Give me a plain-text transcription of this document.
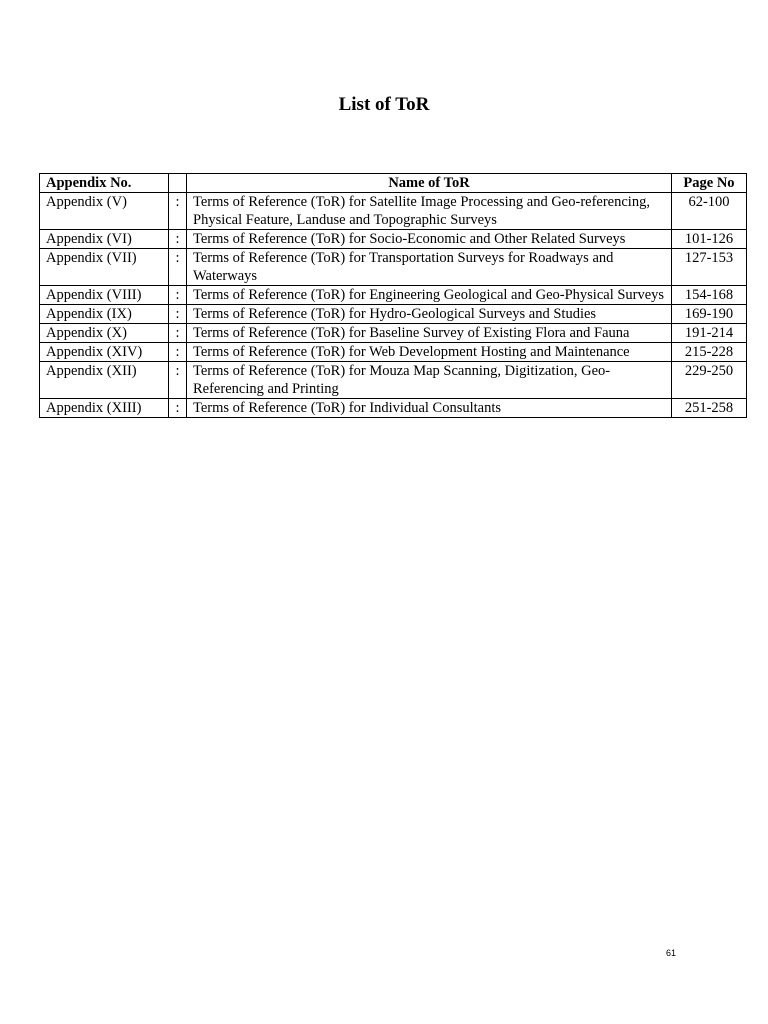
List of ToR
Appendix No.		Name of ToR	Page No
Appendix (V)	:	Terms of Reference (ToR) for Satellite Image Processing and Geo-referencing, Physical Feature, Landuse and Topographic Surveys	62-100
Appendix (VI)	:	Terms of Reference (ToR) for Socio-Economic and Other Related Surveys	101-126
Appendix (VII)	:	Terms of Reference (ToR) for Transportation Surveys for Roadways and Waterways	127-153
Appendix (VIII)	:	Terms of Reference (ToR) for Engineering Geological and Geo-Physical Surveys	154-168
Appendix (IX)	:	Terms of Reference (ToR) for Hydro-Geological Surveys and Studies	169-190
Appendix (X)	:	Terms of Reference (ToR) for Baseline Survey of Existing Flora and Fauna	191-214
Appendix (XIV)	:	Terms of Reference (ToR) for Web Development Hosting and Maintenance	215-228
Appendix (XII)	:	Terms of Reference (ToR) for Mouza Map Scanning, Digitization, Geo-Referencing and Printing	229-250
Appendix (XIII)	:	Terms of Reference (ToR) for Individual Consultants	251-258
61
